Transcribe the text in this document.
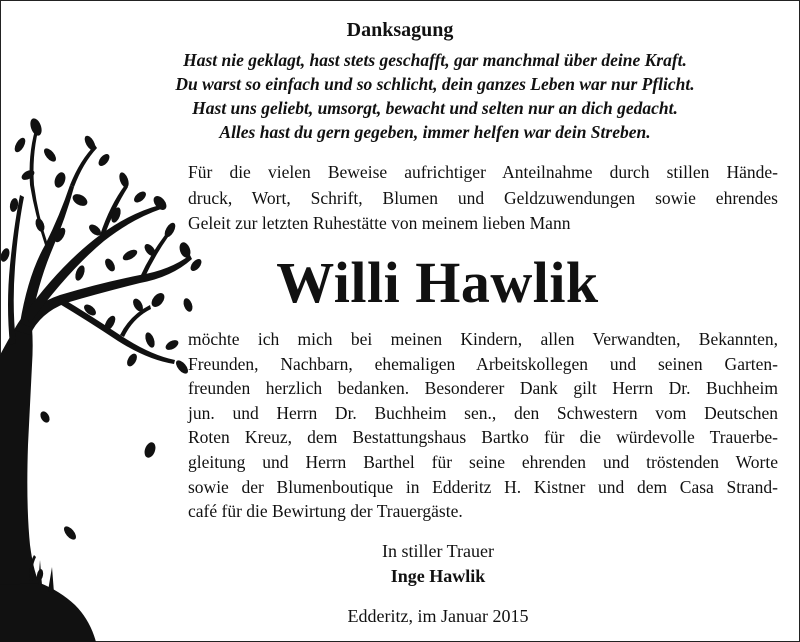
Danksagung
Hast nie geklagt, hast stets geschafft, gar manchmal über deine Kraft.
Du warst so einfach und so schlicht, dein ganzes Leben war nur Pflicht.
Hast uns geliebt, umsorgt, bewacht und selten nur an dich gedacht.
Alles hast du gern gegeben, immer helfen war dein Streben.
Für die vielen Beweise aufrichtiger Anteilnahme durch stillen Hände-
druck, Wort, Schrift, Blumen und Geldzuwendungen sowie ehrendes
Geleit zur letzten Ruhestätte von meinem lieben Mann
Willi Hawlik
möchte ich mich bei meinen Kindern, allen Verwandten, Bekannten,
Freunden, Nachbarn, ehemaligen Arbeitskollegen und seinen Garten-
freunden herzlich bedanken. Besonderer Dank gilt Herrn Dr. Buchheim
jun. und Herrn Dr. Buchheim sen., den Schwestern vom Deutschen
Roten Kreuz, dem Bestattungshaus Bartko für die würdevolle Trauerbe-
gleitung und Herrn Barthel für seine ehrenden und tröstenden Worte
sowie der Blumenboutique in Edderitz H. Kistner und dem Casa Strand-
café für die Bewirtung der Trauergäste.
In stiller Trauer
Inge Hawlik
Edderitz, im Januar 2015
